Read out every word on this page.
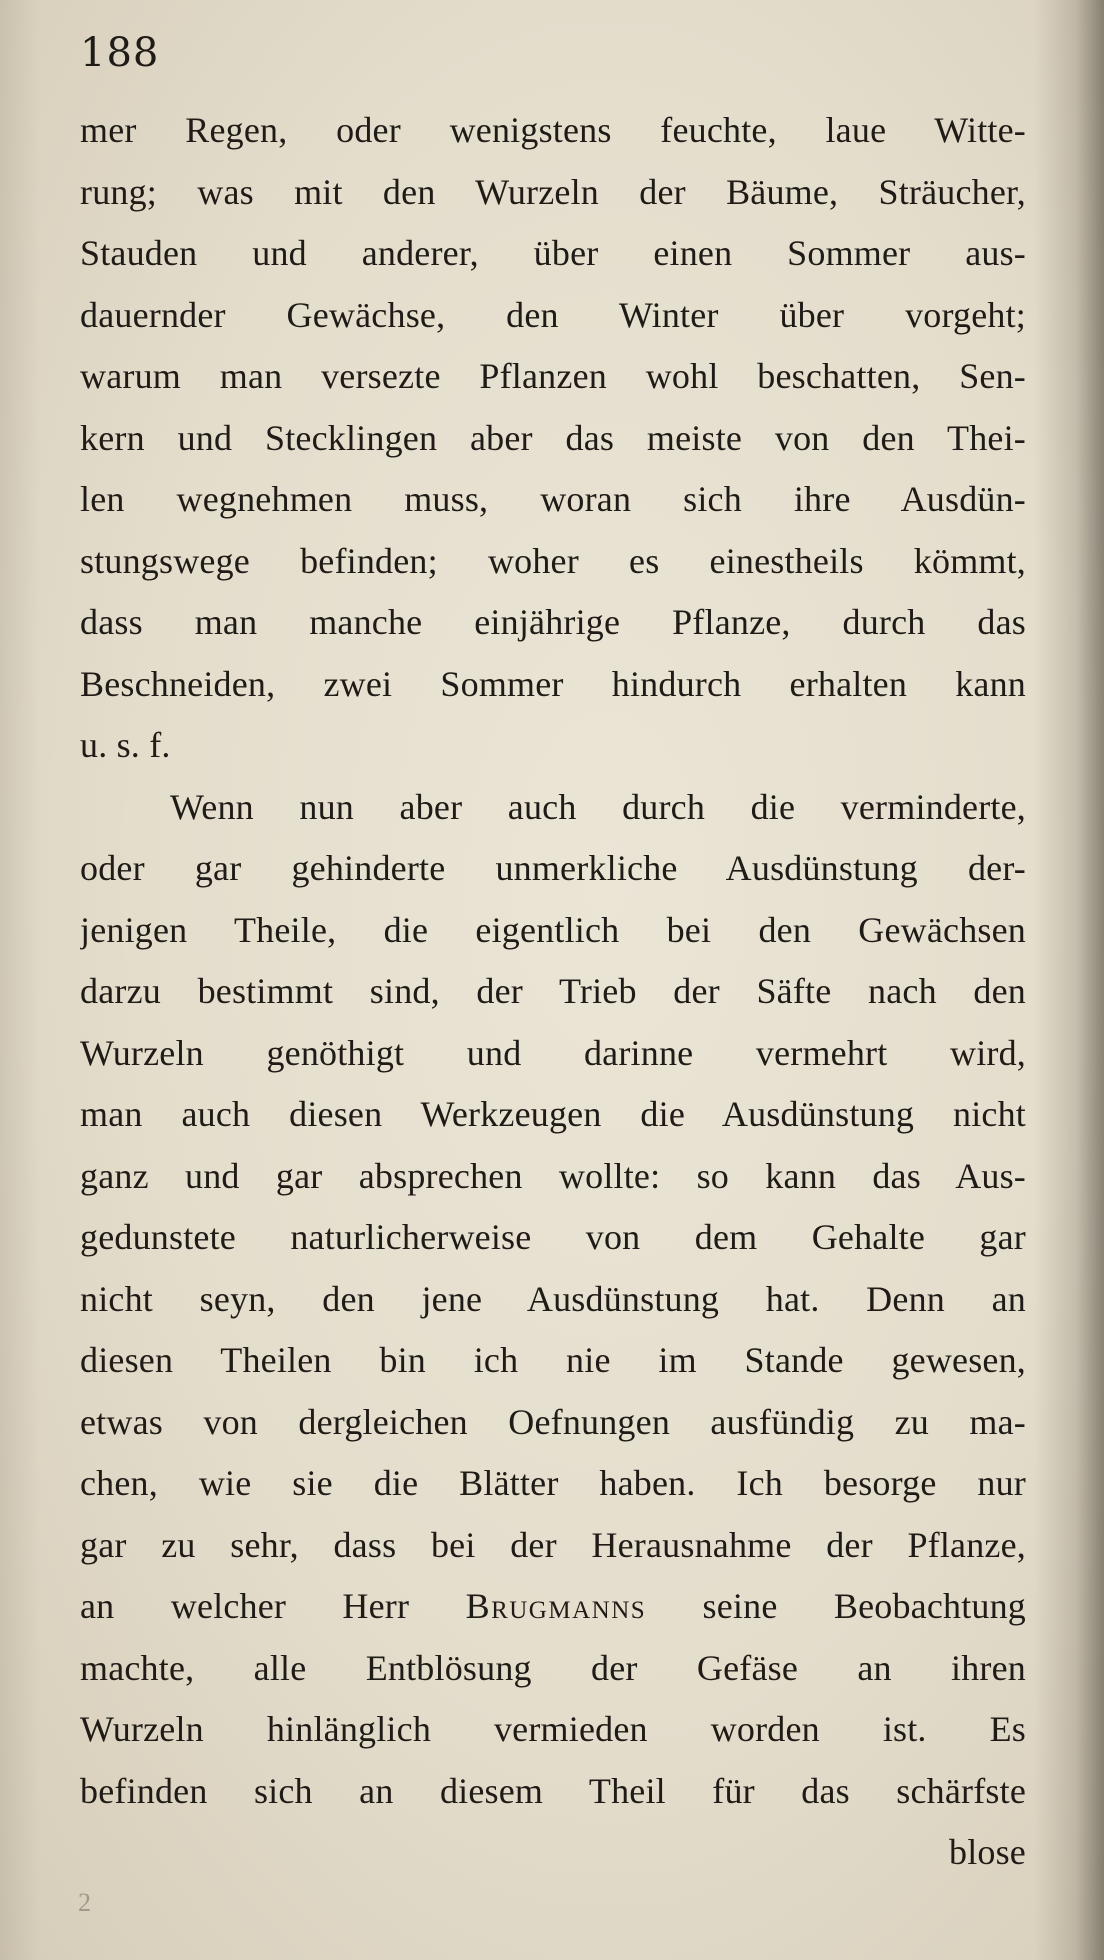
188
mer Regen, oder wenigstens feuchte, laue Witte-
rung; was mit den Wurzeln der Bäume, Sträucher,
Stauden und anderer, über einen Sommer aus-
dauernder Gewächse, den Winter über vorgeht;
warum man versezte Pflanzen wohl beschatten, Sen-
kern und Stecklingen aber das meiste von den Thei-
len wegnehmen muss, woran sich ihre Ausdün-
stungswege befinden; woher es einestheils kömmt,
dass man manche einjährige Pflanze, durch das
Beschneiden, zwei Sommer hindurch erhalten kann
u. s. f.
Wenn nun aber auch durch die verminderte,
oder gar gehinderte unmerkliche Ausdünstung der-
jenigen Theile, die eigentlich bei den Gewächsen
darzu bestimmt sind, der Trieb der Säfte nach den
Wurzeln genöthigt und darinne vermehrt wird,
man auch diesen Werkzeugen die Ausdünstung nicht
ganz und gar absprechen wollte: so kann das Aus-
gedunstete naturlicherweise von dem Gehalte gar
nicht seyn, den jene Ausdünstung hat. Denn an
diesen Theilen bin ich nie im Stande gewesen,
etwas von dergleichen Oefnungen ausfündig zu ma-
chen, wie sie die Blätter haben. Ich besorge nur
gar zu sehr, dass bei der Herausnahme der Pflanze,
an welcher Herr Brugmanns seine Beobachtung
machte, alle Entblösung der Gefäse an ihren
Wurzeln hinlänglich vermieden worden ist. Es
befinden sich an diesem Theil für das schärfste
blose
2
